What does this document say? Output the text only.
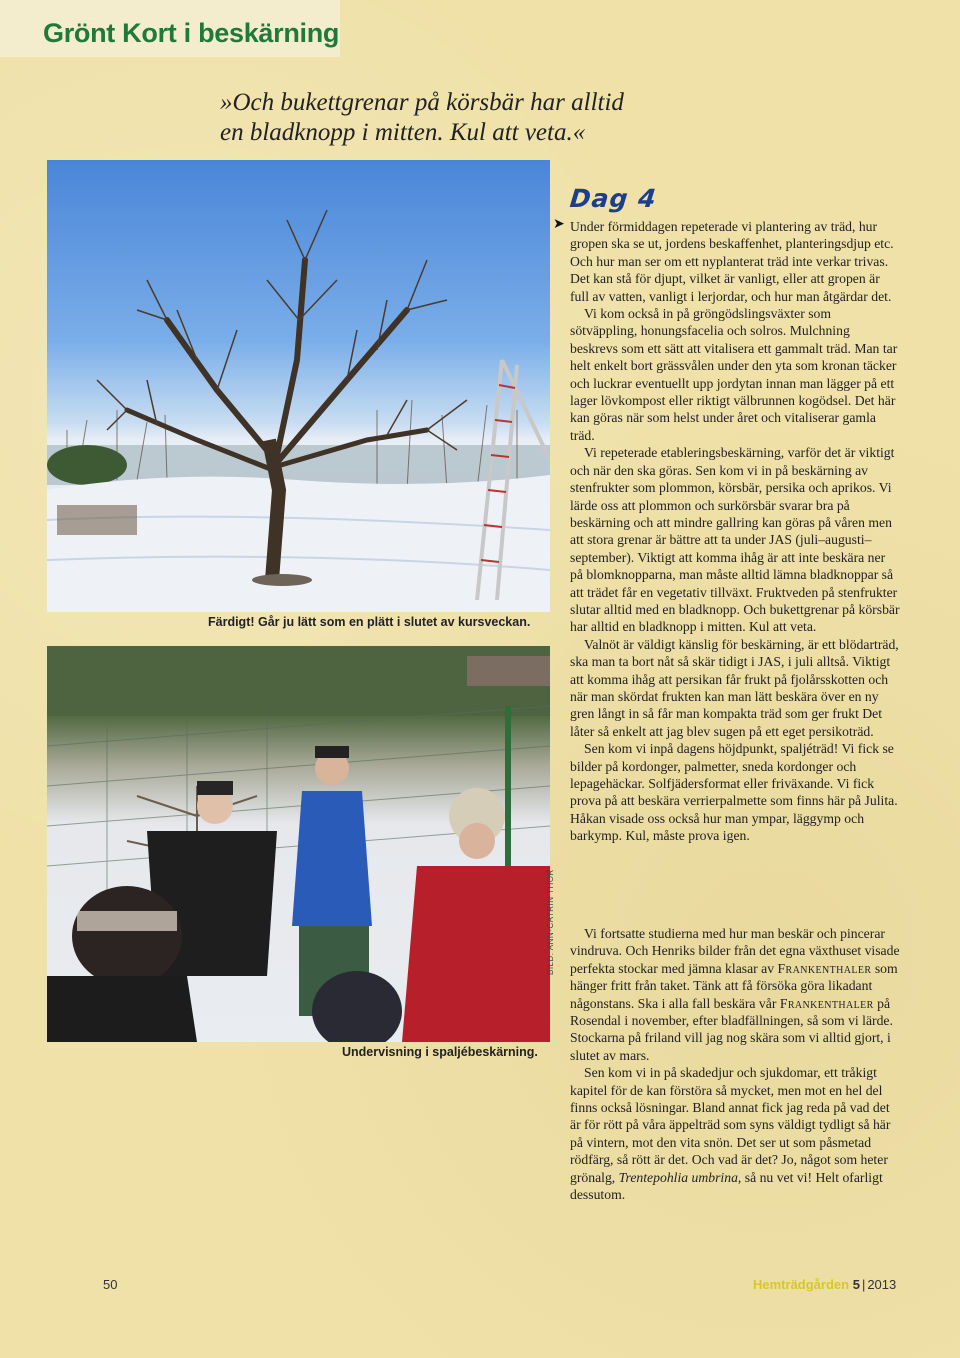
Grönt Kort i beskärning
»Och bukettgrenar på körsbär har alltid
en bladknopp i mitten. Kul att veta.«
Färdigt! Går ju lätt som en plätt i slutet av kursveckan.
Undervisning i spaljébeskärning.
BILD: ANN-CATRIN THOR
Dag 4
➤ Under förmiddagen repeterade vi plantering av träd, hur gropen ska se ut, jordens beskaffenhet, planteringsdjup etc. Och hur man ser om ett nyplanterat träd inte verkar trivas. Det kan stå för djupt, vilket är vanligt, eller att gropen är full av vatten, vanligt i lerjordar, och hur man åtgärdar det.

Vi kom också in på gröngödslingsväxter som sötväppling, honungsfacelia och solros. Mulchning beskrevs som ett sätt att vitalisera ett gammalt träd. Man tar helt enkelt bort grässvålen under den yta som kronan täcker och luckrar eventuellt upp jordytan innan man lägger på ett lager lövkompost eller riktigt välbrunnen kogödsel. Det här kan göras när som helst under året och vitaliserar gamla träd.

Vi repeterade etableringsbeskärning, varför det är viktigt och när den ska göras. Sen kom vi in på beskärning av stenfrukter som plommon, körsbär, persika och aprikos. Vi lärde oss att plommon och surkörsbär svarar bra på beskärning och att mindre gallring kan göras på våren men att stora grenar är bättre att ta under JAS (juli–augusti–september). Viktigt att komma ihåg är att inte beskära ner på blomknopparna, man måste alltid lämna bladknoppar så att trädet får en vegetativ tillväxt. Fruktveden på stenfrukter slutar alltid med en bladknopp. Och bukettgrenar på körsbär har alltid en bladknopp i mitten. Kul att veta.

Valnöt är väldigt känslig för beskärning, är ett blödarträd, ska man ta bort nåt så skär tidigt i JAS, i juli alltså. Viktigt att komma ihåg att persikan får frukt på fjolårsskotten och när man skördat frukten kan man lätt beskära över en ny gren långt in så får man kompakta träd som ger frukt Det låter så enkelt att jag blev sugen på ett eget persikoträd.

Sen kom vi inpå dagens höjdpunkt, spaljéträd! Vi fick se bilder på kordonger, palmetter, sneda kordonger och lepagehäckar. Solfjädersformat eller friväxande. Vi fick prova på att beskära verrierpalmette som finns här på Julita. Håkan visade oss också hur man ympar, läggymp och barkymp. Kul, måste prova igen.

Vi fortsatte studierna med hur man beskär och pincerar vindruva. Och Henriks bilder från det egna växthuset visade perfekta stockar med jämna klasar av Frankenthaler som hänger fritt från taket. Tänk att få försöka göra likadant någonstans. Ska i alla fall beskära vår Frankenthaler på Rosendal i november, efter bladfällningen, så som vi lärde. Stockarna på friland vill jag nog skära som vi alltid gjort, i slutet av mars.

Sen kom vi in på skadedjur och sjukdomar, ett tråkigt kapitel för de kan förstöra så mycket, men mot en hel del finns också lösningar. Bland annat fick jag reda på vad det är för rött på våra äppelträd som syns väldigt tydligt så här på vintern, mot den vita snön. Det ser ut som påsmetad rödfärg, så rött är det. Och vad är det? Jo, något som heter grönalg, Trentepohlia umbrina, så nu vet vi! Helt ofarligt dessutom.

50	Hemträdgården 5 | 2013
